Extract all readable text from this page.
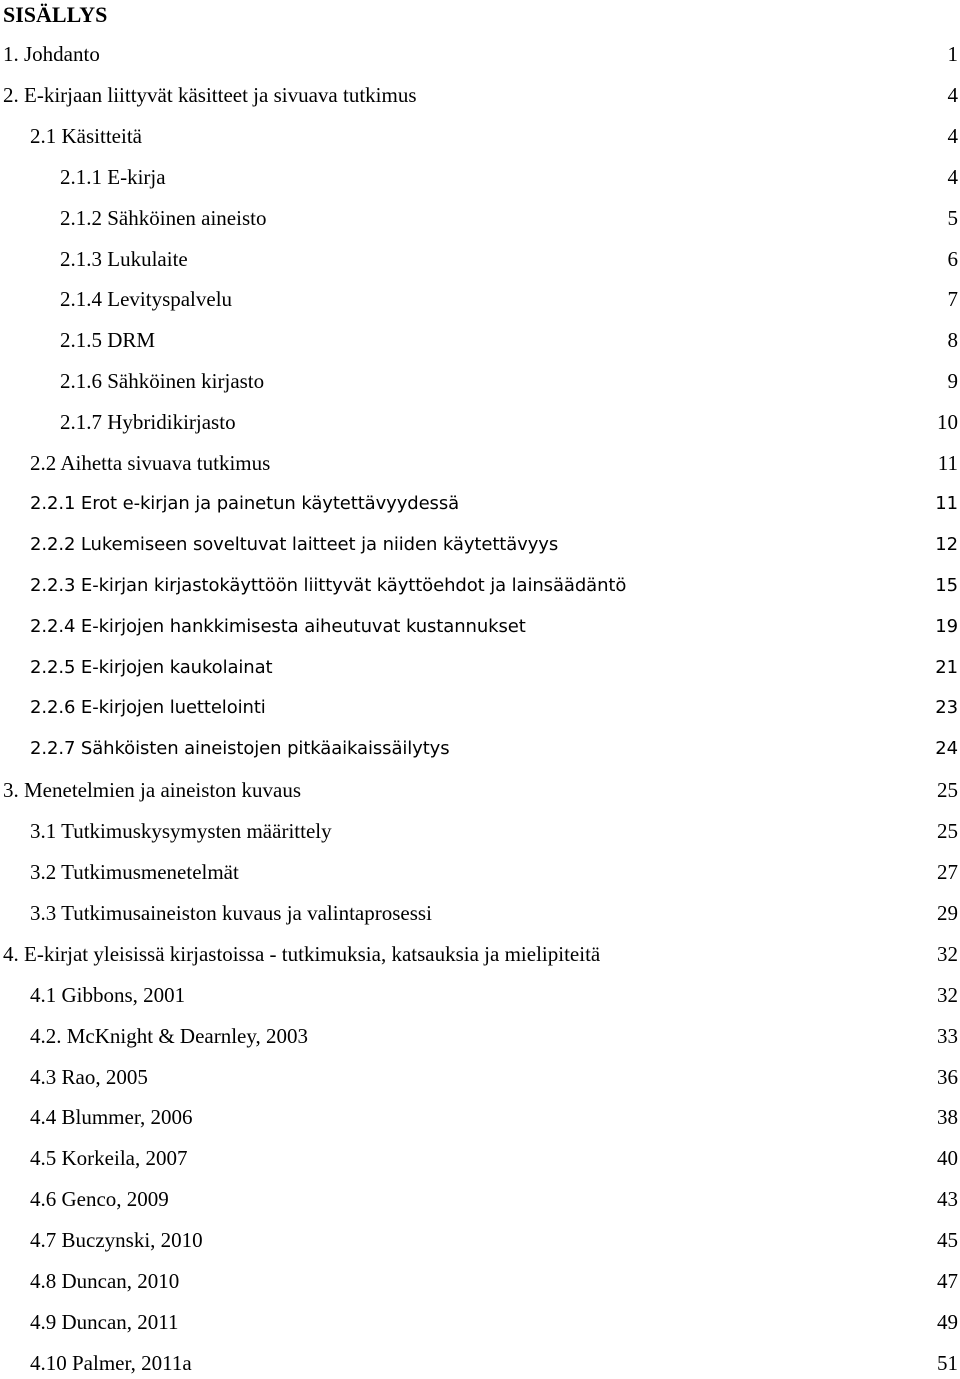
SISÄLLYS
1. Johdanto	1
2. E-kirjaan liittyvät käsitteet ja sivuava tutkimus	4
2.1 Käsitteitä	4
2.1.1 E-kirja	4
2.1.2 Sähköinen aineisto	5
2.1.3 Lukulaite	6
2.1.4 Levityspalvelu	7
2.1.5 DRM	8
2.1.6 Sähköinen kirjasto	9
2.1.7 Hybridikirjasto	10
2.2 Aihetta sivuava tutkimus	11
2.2.1 Erot e-kirjan ja painetun käytettävyydessä	11
2.2.2 Lukemiseen soveltuvat laitteet ja niiden käytettävyys	12
2.2.3 E-kirjan kirjastokäyttöön liittyvät käyttöehdot ja lainsäädäntö	15
2.2.4 E-kirjojen hankkimisesta aiheutuvat kustannukset	19
2.2.5 E-kirjojen kaukolainat	21
2.2.6 E-kirjojen luettelointi	23
2.2.7 Sähköisten aineistojen pitkäaikaissäilytys	24
3. Menetelmien ja aineiston kuvaus	25
3.1 Tutkimuskysymysten määrittely	25
3.2 Tutkimusmenetelmät	27
3.3 Tutkimusaineiston kuvaus ja valintaprosessi	29
4. E-kirjat yleisissä kirjastoissa - tutkimuksia, katsauksia ja mielipiteitä	32
4.1 Gibbons, 2001	32
4.2. McKnight & Dearnley, 2003	33
4.3 Rao, 2005	36
4.4 Blummer, 2006	38
4.5 Korkeila, 2007	40
4.6 Genco, 2009	43
4.7 Buczynski, 2010	45
4.8 Duncan, 2010	47
4.9 Duncan, 2011	49
4.10 Palmer, 2011a	51
